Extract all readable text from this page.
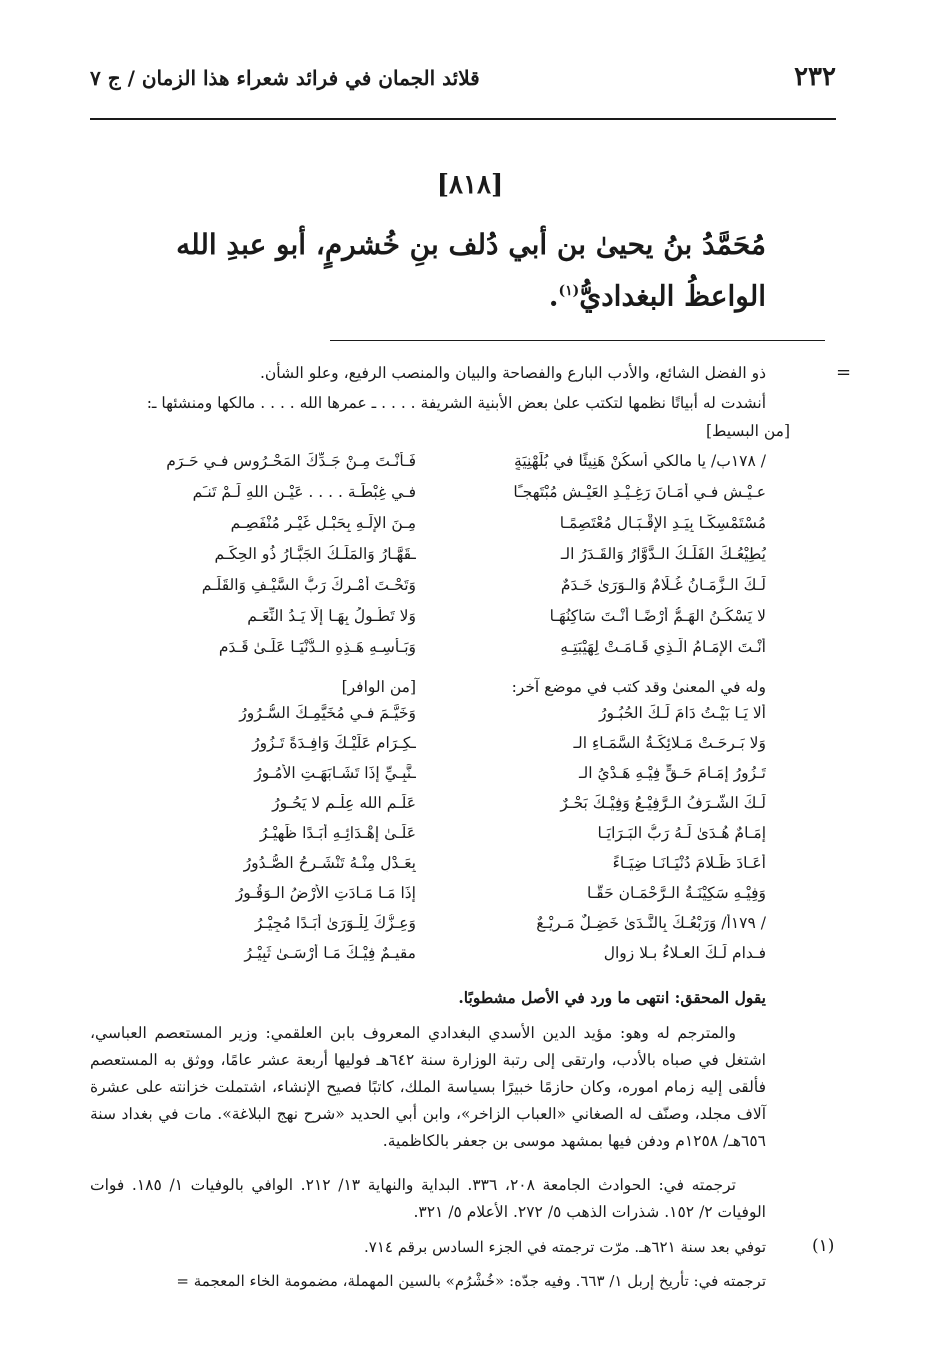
٢٣٢
قلائد الجمان في فرائد شعراء هذا الزمان / ج ٧
[٨١٨]
مُحَمَّدُ بنُ يحيىٰ بن أبي دُلف بنِ خُشرمٍ، أبو عبدِ الله الواعظُ البغداديُّ$^{(١)}$.
=

ذو الفضل الشائع، والأدب البارع والفصاحة والبيان والمنصب الرفيع، وعلو الشأن.

أنشدت له أبياتًا نظمها لتكتب علىٰ بعض الأبنية الشريفة . . . . ـ عمرها الله . . . . مالكها ومنشئها ـ:

[من البسيط]
/ ١٧٨ب/ يا مالكي اُسكُنْ هَنِيئًا في بُلَهْنِيَةٍ
فَـأَنْـتَ مِـنْ جَـدِّكَ المَحْـرُوسِ فـي حَـرَمِ
عـيْـشٍ فـي أمَـانَ رَغِـيْـدِ العَيْـشِ مُبْتَهِجـًا
فـي غِبْطَـة . . . . عَيْـنِ اللهِ لَـمْ تَنـَمِ
مُسْتَمْسِكًـا بِيَـدِ الإقْـبَـالِ مُعْتَصِمًـا
مِـنَ الإلَـهِ بِحَبْـلٍ غَيْـرِ مُنْفَصِـمِ
يُطِيْعُـكَ الفَلَـكُ الـدَّوَّارُ وَالقَـدَرُ الـ
ـقَهَّـارُ وَالمَلَـكُ الجَبَّـارُ ذُو الحِكَـمِ
لَـكَ الـزَّمَـانُ غُـلَامٌ وَالـوَرَىٰ خَـدَمٌ
وَتَحْـتَ أَمْـرِكَ رَبُّ السَّيْـفِ وَالقَلَـمِ
لا يَسْكُـنُ الهَـمُّ أرْضًـا أنْـتَ سَاكِنُهَـا
وَلا تَطُـولُ بِهَـا إلَّا يَـدُ النِّعَـمِ
أنْـتَ الإمَـامُ الَّـذِي قَـامَـتْ لِهَيْبَتِـهِ
وَبَـأْسِـهِ هَـذِهِ الـدُّنْيَـا عَلَـىٰ قَـدَمِ
وله في المعنىٰ وقد كتب في موضع آخر:
[من الوافر]
ألا يَـا بَيْـتُ دَامَ لَـكَ الحُبُـورُ
وَخَيَّـمَ فـي مُخَيَّمِـكَ السُّـرُورُ
وَلا بَـرِحَـتْ مَـلائِكَـةُ السَّمَـاءِ الـ
ـكِـرَامِ عَلَيْـكَ وَافِـدَةً تَـزُورُ
تَـزُورُ إمَـامَ حَـقٍّ فِيْـهِ هَـدْيُ الـ
ـنَّبِـيِّ إذَا تَشَـابَهَـتِ الأُمُـورُ
لَـكَ الشَّـرَفُ الـرَّفِيْـعُ وَفِيْـكَ بَحْـرٌ
عَلَـمِ الله عِلْـم لا يَحُـورُ
إمَـامٌ هُـدَىٰ لَـهُ رَبُّ البَـرَايَـا
عَلَـىٰ إهْـدَائِـهِ أبَـدًا ظَهِيْـرُ
أعَـادَ ظَـلامَ دُنْيَـانَـا ضِيَـاءً
بِعَـدْلٍ مِنْـهُ تَنْشَـرِحُ الصُّـدُورُ
وَفِيْـهِ سَكِيْنَـةُ الـرَّحْمَـانِ حَقًّـا
إذَا مَـا مَـادَتِ الأرْضُ الـوَقُـورُ
/ ١٧٩أ/ وَرَبْعُـكَ بِالنَّـدَىٰ خَضِـلٌ مَـرِيْـعٌ
وَعِـزُّكَ لِلْـوَرَىٰ أبَـدًا مُجِيْـرُ
فـدام لَـكَ العـلاءُ بـلا زوال
مقيـمٌ فِيْـكَ مَـا أرْسَـىٰ ثَبِيْـرُ

يقول المحقق: انتهى ما ورد في الأصل مشطوبًا.

والمترجم له وهو: مؤيد الدين الأسدي البغدادي المعروف بابن العلقمي: وزير المستعصم العباسي، اشتغل في صباه بالأدب، وارتقى إلى رتبة الوزارة سنة ٦٤٢هـ فوليها أربعة عشر عامًا، ووثق به المستعصم فألقى إليه زمام اموره، وكان حازمًا خبيرًا بسياسة الملك، كاتبًا فصيح الإنشاء، اشتملت خزانته على عشرة آلاف مجلد، وصنّف له الصغاني «العباب الزاخر»، وابن أبي الحديد «شرح نهج البلاغة». مات في بغداد سنة ٦٥٦هـ/ ١٢٥٨م ودفن فيها بمشهد موسى بن جعفر بالكاظمية.

ترجمته في: الحوادث الجامعة ٢٠٨، ٣٣٦. البداية والنهاية ١٣/ ٢١٢. الوافي بالوفيات ١/ ١٨٥. فوات الوفيات ٢/ ١٥٢. شذرات الذهب ٥/ ٢٧٢. الأعلام ٥/ ٣٢١.

(١)

توفي بعد سنة ٦٢١هـ. مرّت ترجمته في الجزء السادس برقم ٧١٤.

ترجمته في: تأريخ إربل ١/ ٦٦٣. وفيه جدّه: «خُشْرُم» بالسين المهملة، مضمومة الخاء المعجمة =
